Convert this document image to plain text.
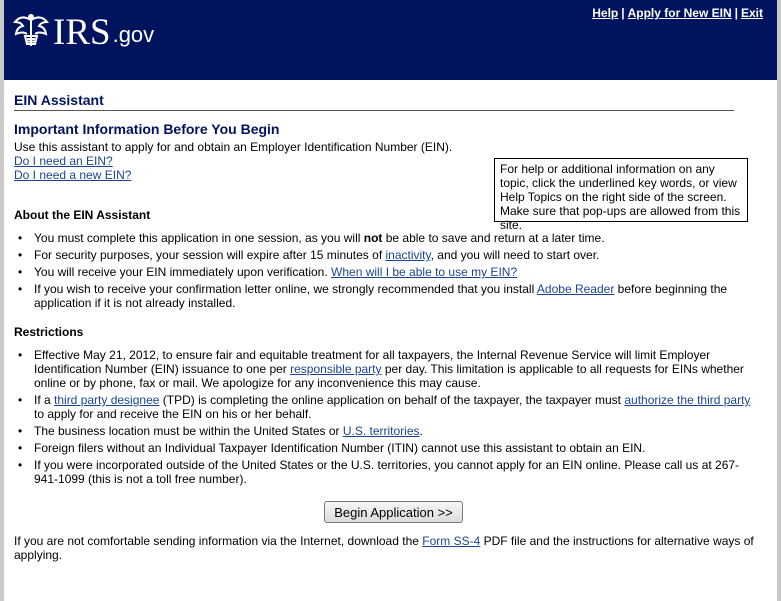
IRS .gov
Help | Apply for New EIN | Exit
EIN Assistant
Important Information Before You Begin
Use this assistant to apply for and obtain an Employer Identification Number (EIN).
Do I need an EIN?
Do I need a new EIN?	For help or additional information on any topic, click the underlined key words, or view Help Topics on the right side of the screen. Make sure that pop-ups are allowed from this site.
About the EIN Assistant
• You must complete this application in one session, as you will not be able to save and return at a later time.
• For security purposes, your session will expire after 15 minutes of inactivity, and you will need to start over.
• You will receive your EIN immediately upon verification. When will I be able to use my EIN?
• If you wish to receive your confirmation letter online, we strongly recommended that you install Adobe Reader before beginning the application if it is not already installed.
Restrictions
• Effective May 21, 2012, to ensure fair and equitable treatment for all taxpayers, the Internal Revenue Service will limit Employer Identification Number (EIN) issuance to one per responsible party per day. This limitation is applicable to all requests for EINs whether online or by phone, fax or mail. We apologize for any inconvenience this may cause.
• If a third party designee (TPD) is completing the online application on behalf of the taxpayer, the taxpayer must authorize the third party to apply for and receive the EIN on his or her behalf.
• The business location must be within the United States or U.S. territories.
• Foreign filers without an Individual Taxpayer Identification Number (ITIN) cannot use this assistant to obtain an EIN.
• If you were incorporated outside of the United States or the U.S. territories, you cannot apply for an EIN online. Please call us at 267-941-1099 (this is not a toll free number).
Begin Application >>
If you are not comfortable sending information via the Internet, download the Form SS-4 PDF file and the instructions for alternative ways of applying.
